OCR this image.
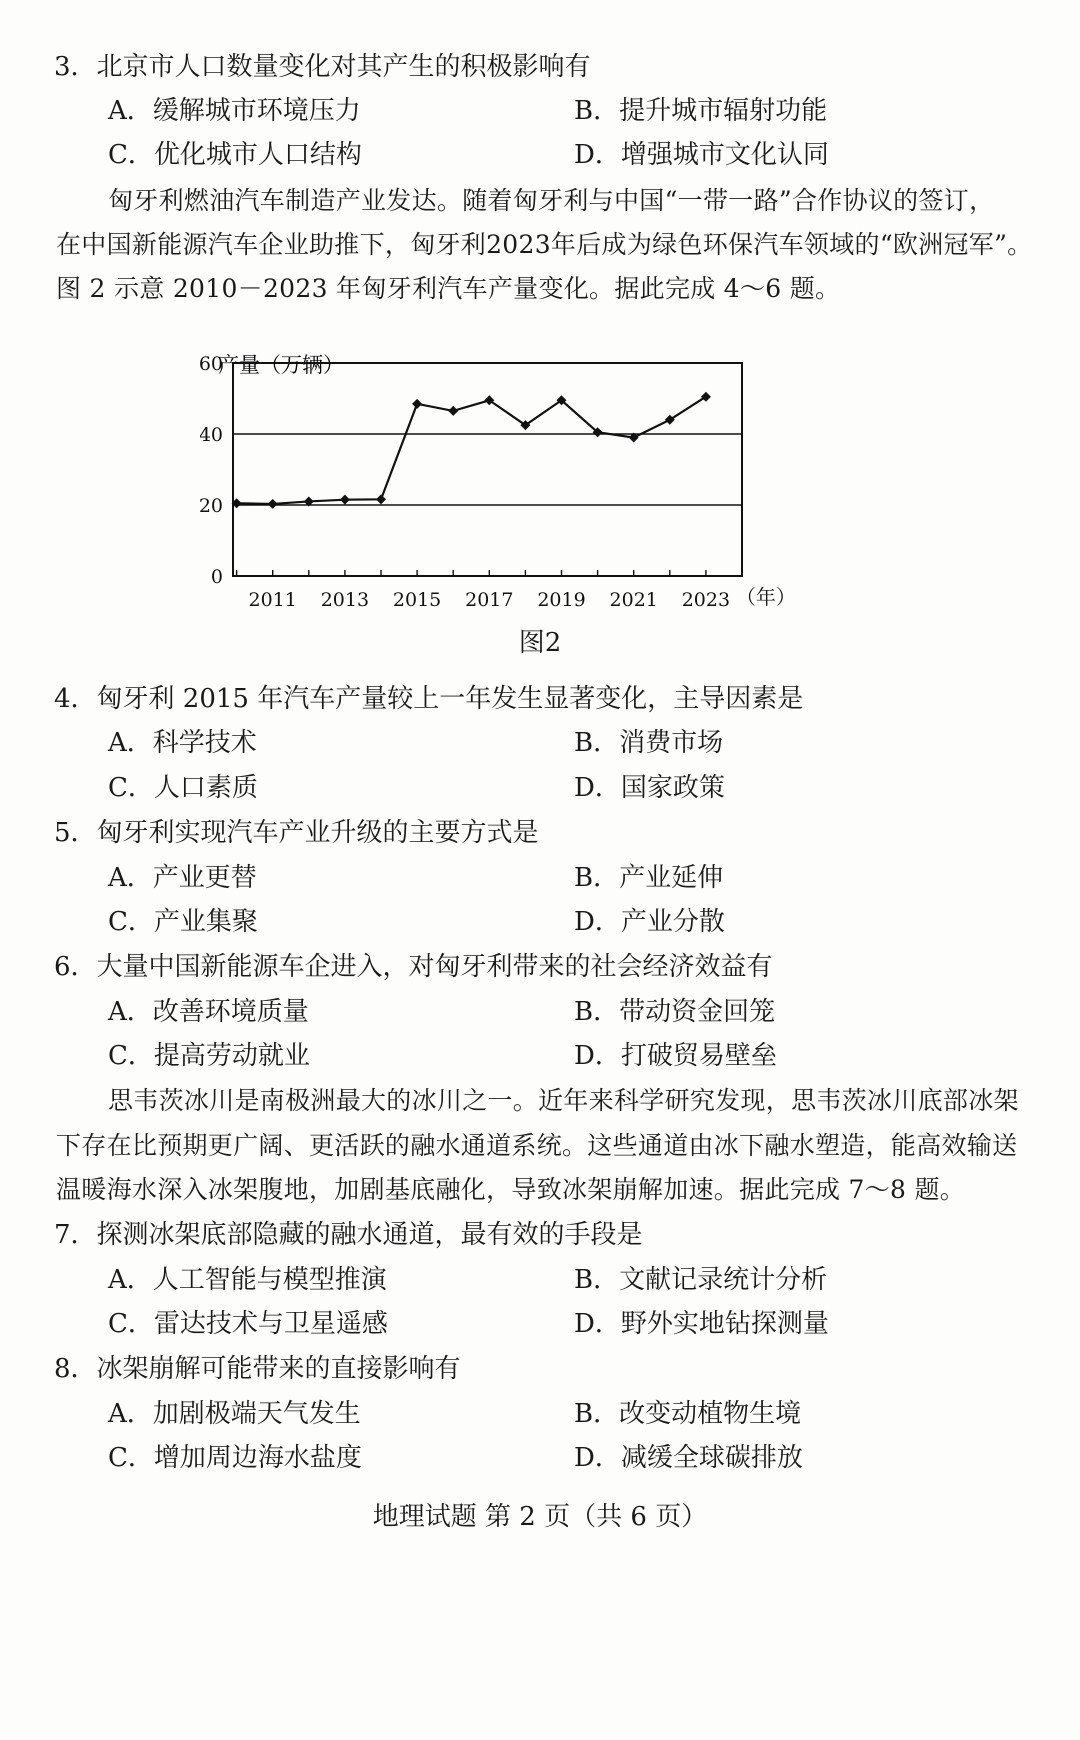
3．北京市人口数量变化对其产生的积极影响有
A．缓解城市环境压力	B．提升城市辐射功能
C．优化城市人口结构	D．增强城市文化认同
匈牙利燃油汽车制造产业发达。随着匈牙利与中国“一带一路”合作协议的签订，
在中国新能源汽车企业助推下，匈牙利2023年后成为绿色环保汽车领域的“欧洲冠军”。
图 2 示意 2010－2023 年匈牙利汽车产量变化。据此完成 4～6 题。
产量（万辆）
0
20
40
60
2011 2013 2015 2017 2019 2021 2023 （年）
图2
4．匈牙利 2015 年汽车产量较上一年发生显著变化，主导因素是
A．科学技术	B．消费市场
C．人口素质	D．国家政策
5．匈牙利实现汽车产业升级的主要方式是
A．产业更替	B．产业延伸
C．产业集聚	D．产业分散
6．大量中国新能源车企进入，对匈牙利带来的社会经济效益有
A．改善环境质量	B．带动资金回笼
C．提高劳动就业	D．打破贸易壁垒
思韦茨冰川是南极洲最大的冰川之一。近年来科学研究发现，思韦茨冰川底部冰架
下存在比预期更广阔、更活跃的融水通道系统。这些通道由冰下融水塑造，能高效输送
温暖海水深入冰架腹地，加剧基底融化，导致冰架崩解加速。据此完成 7～8 题。
7．探测冰架底部隐藏的融水通道，最有效的手段是
A．人工智能与模型推演	B．文献记录统计分析
C．雷达技术与卫星遥感	D．野外实地钻探测量
8．冰架崩解可能带来的直接影响有
A．加剧极端天气发生	B．改变动植物生境
C．增加周边海水盐度	D．减缓全球碳排放
地理试题 第 2 页（共 6 页）
